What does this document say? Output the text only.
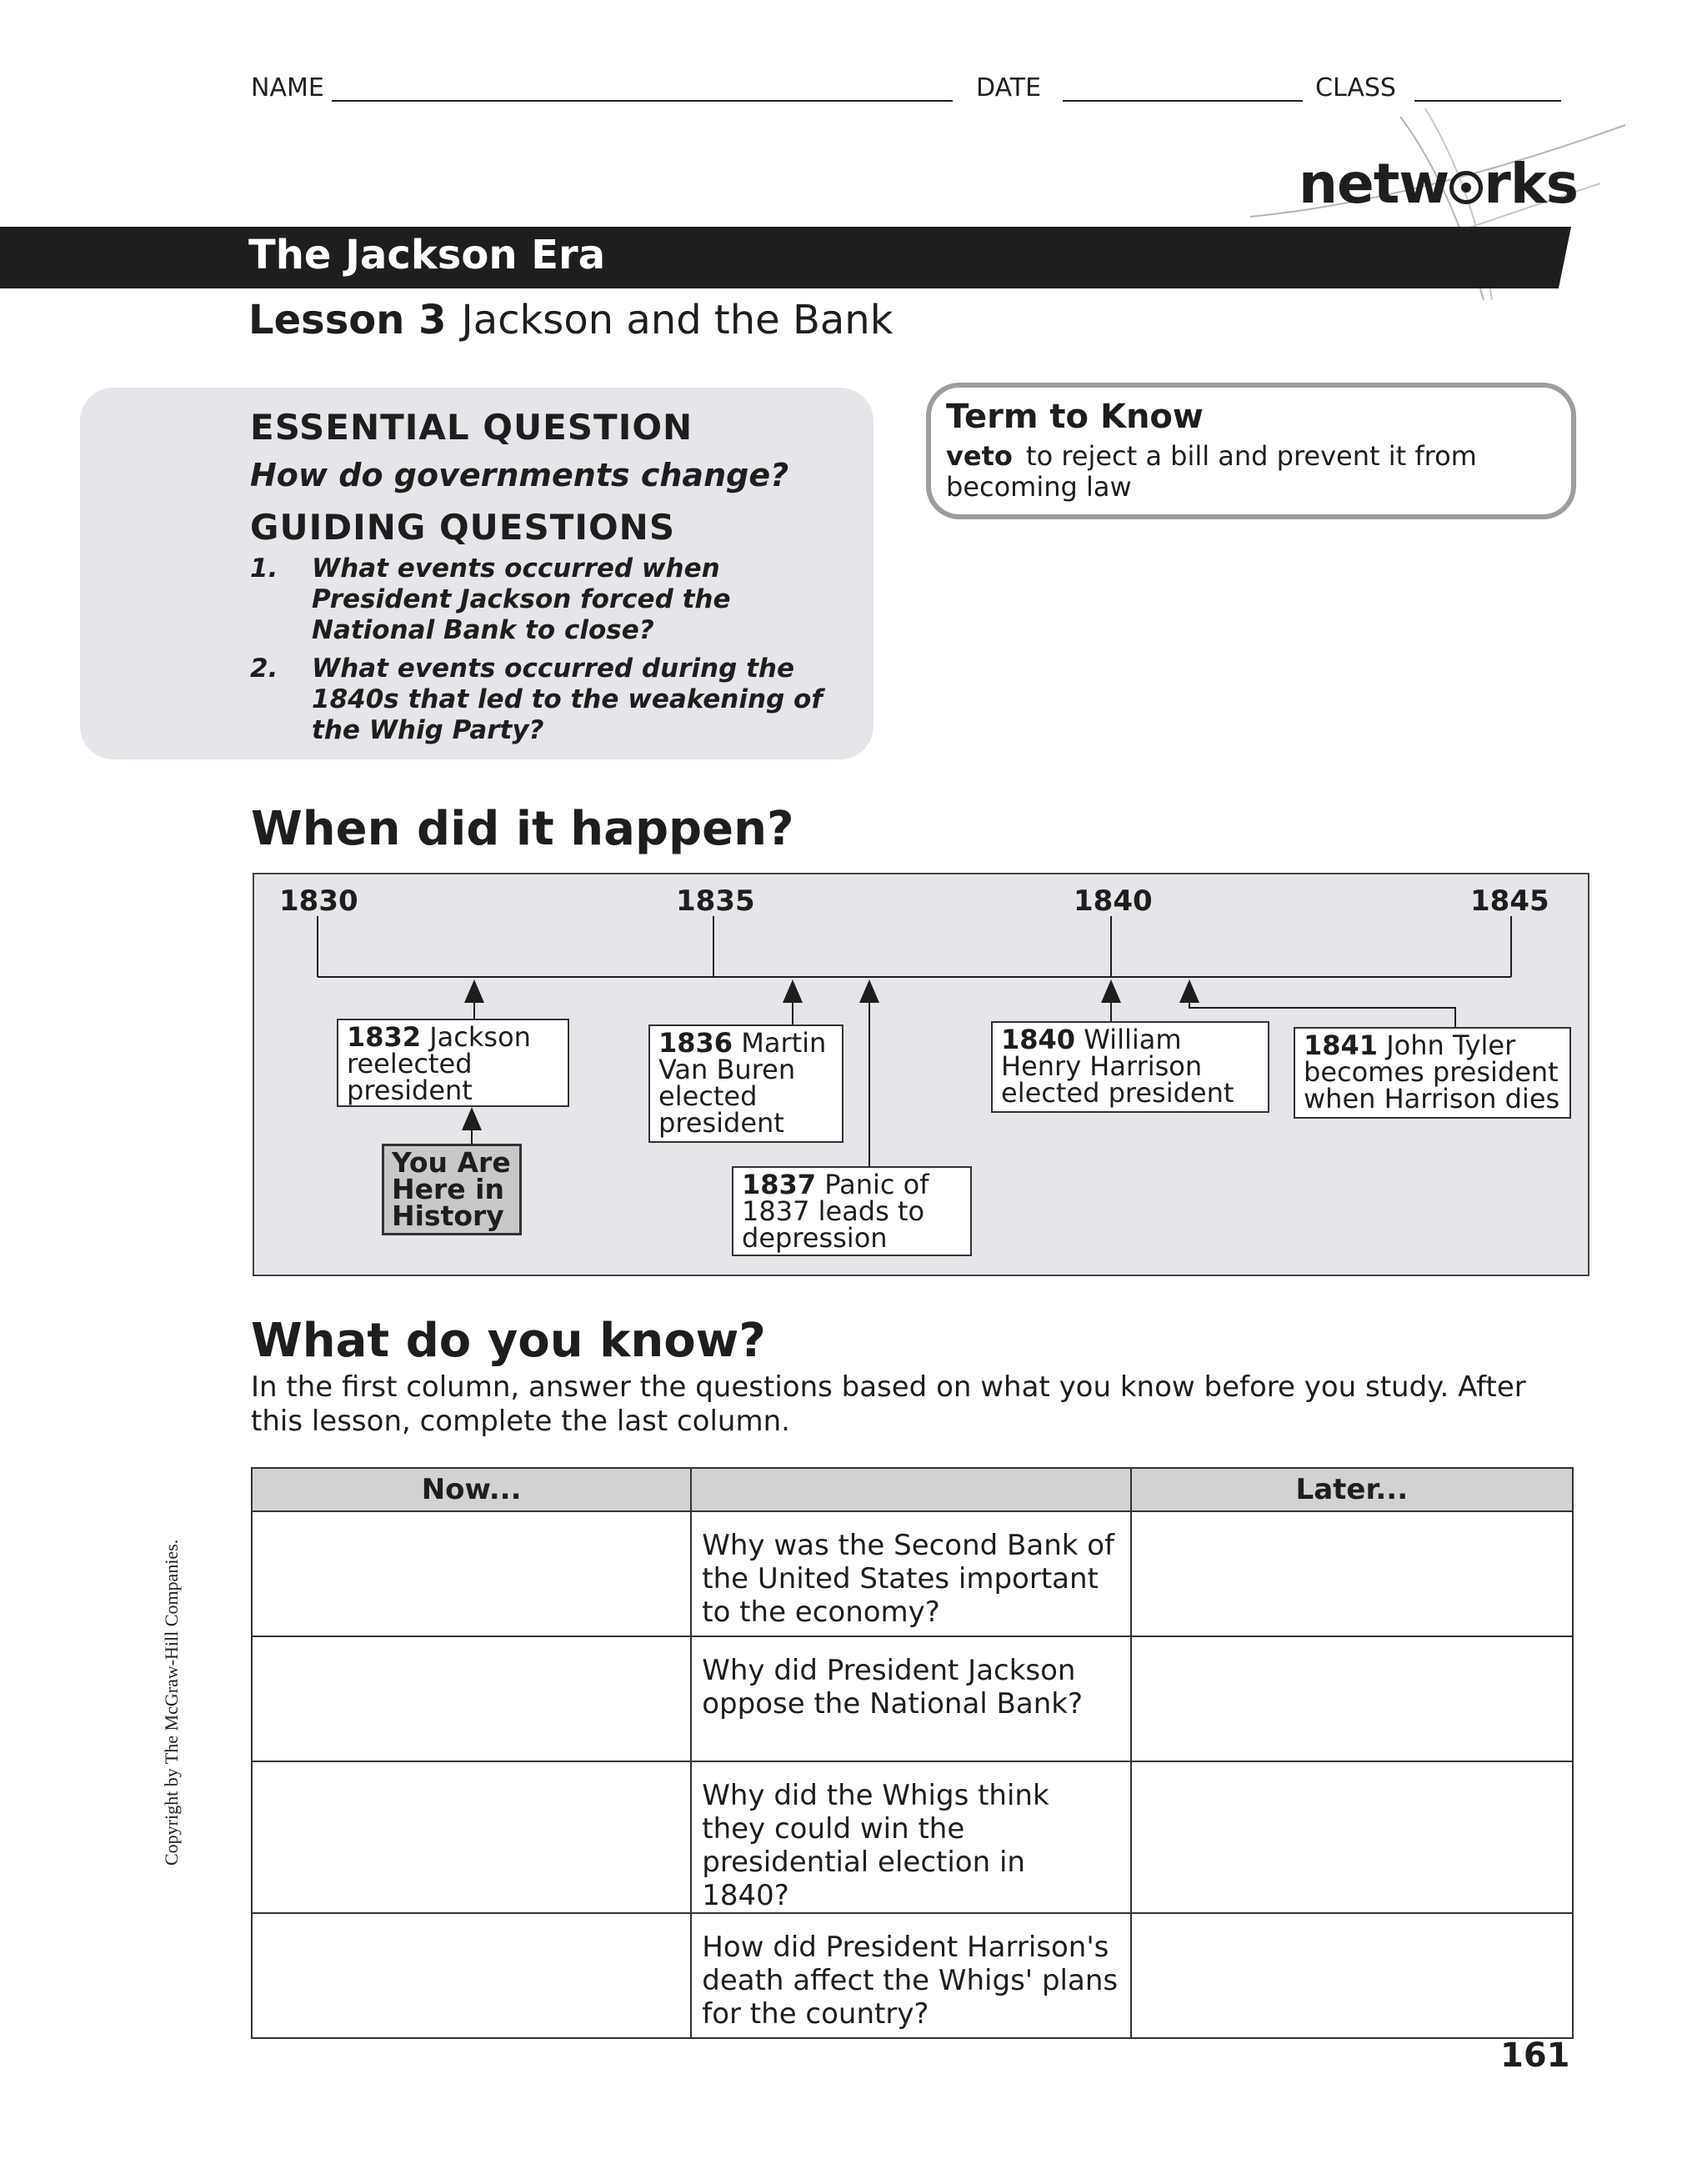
NAME	DATE	CLASS
netw rks
The Jackson Era
Lesson 3 Jackson and the Bank
ESSENTIAL QUESTION
How do governments change?
GUIDING QUESTIONS
1. What events occurred when President Jackson forced the National Bank to close?
2. What events occurred during the 1840s that led to the weakening of the Whig Party?
Term to Know
veto to reject a bill and prevent it from becoming law
When did it happen?
1830	1835	1840	1845
1832 Jackson reelected president
You Are Here in History
1836 Martin Van Buren elected president
1837 Panic of 1837 leads to depression
1840 William Henry Harrison elected president
1841 John Tyler becomes president when Harrison dies
What do you know?
In the first column, answer the questions based on what you know before you study. After this lesson, complete the last column.
Now...		Later...
	Why was the Second Bank of the United States important to the economy?	
	Why did President Jackson oppose the National Bank?	
	Why did the Whigs think they could win the presidential election in 1840?	
	How did President Harrison's death affect the Whigs' plans for the country?	
Copyright by The McGraw-Hill Companies.
161
